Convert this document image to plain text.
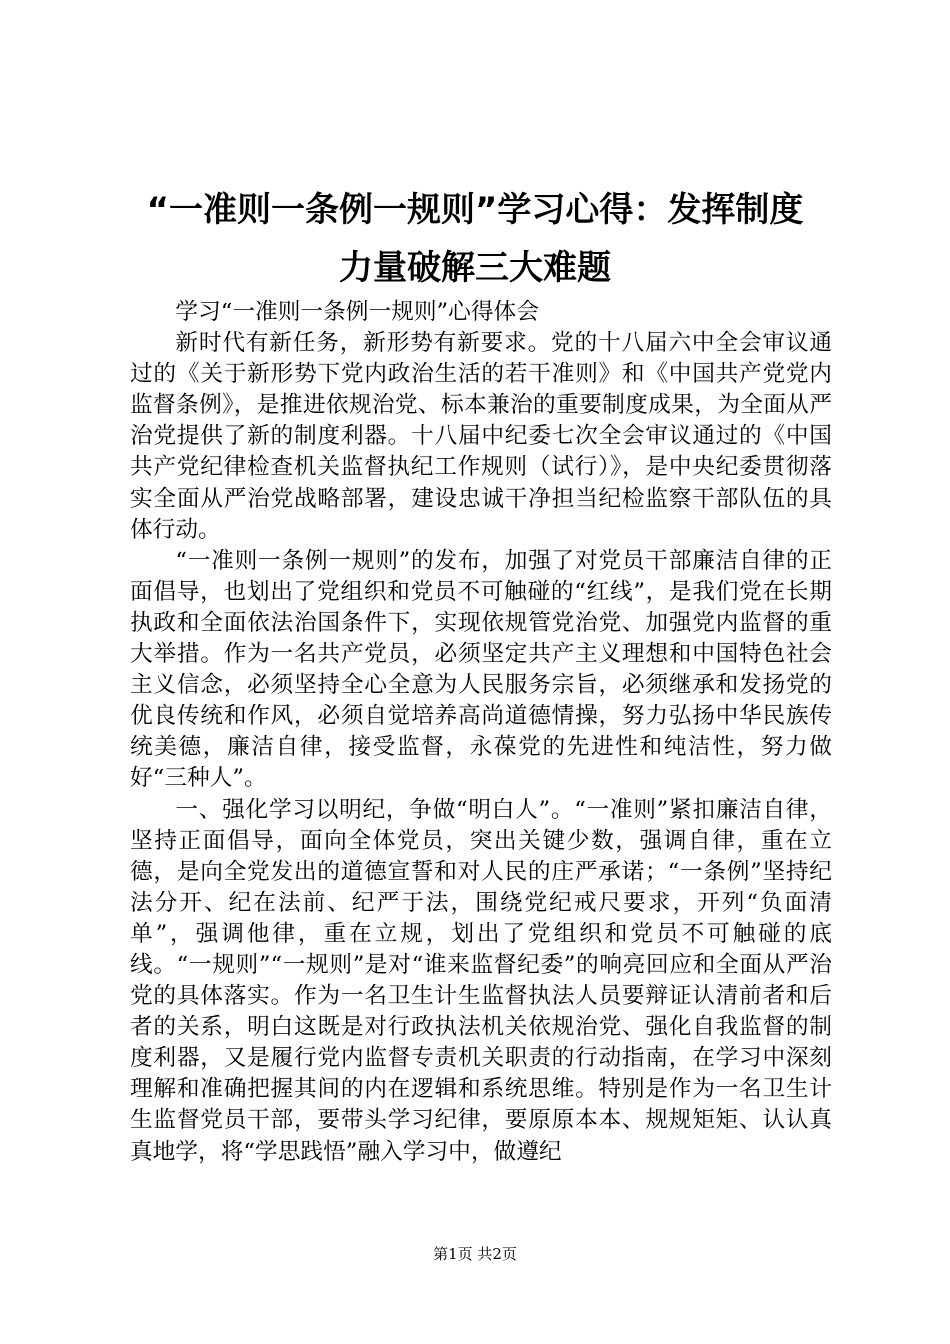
“一准则一条例一规则”学习心得：发挥制度
力量破解三大难题

学习“一准则一条例一规则”心得体会

新时代有新任务，新形势有新要求。党的十八届六中全会审议通过的《关于新形势下党内政治生活的若干准则》和《中国共产党党内监督条例》，是推进依规治党、标本兼治的重要制度成果，为全面从严治党提供了新的制度利器。十八届中纪委七次全会审议通过的《中国共产党纪律检查机关监督执纪工作规则（试行）》，是中央纪委贯彻落实全面从严治党战略部署，建设忠诚干净担当纪检监察干部队伍的具体行动。

“一准则一条例一规则”的发布，加强了对党员干部廉洁自律的正面倡导，也划出了党组织和党员不可触碰的“红线”，是我们党在长期执政和全面依法治国条件下，实现依规管党治党、加强党内监督的重大举措。作为一名共产党员，必须坚定共产主义理想和中国特色社会主义信念，必须坚持全心全意为人民服务宗旨，必须继承和发扬党的优良传统和作风，必须自觉培养高尚道德情操，努力弘扬中华民族传统美德，廉洁自律，接受监督，永葆党的先进性和纯洁性，努力做好“三种人”。

一、强化学习以明纪，争做“明白人”。“一准则”紧扣廉洁自律，坚持正面倡导，面向全体党员，突出关键少数，强调自律，重在立德，是向全党发出的道德宣誓和对人民的庄严承诺；“一条例”坚持纪法分开、纪在法前、纪严于法，围绕党纪戒尺要求，开列“负面清单”，强调他律，重在立规，划出了党组织和党员不可触碰的底线。“一规则”“一规则”是对“谁来监督纪委”的响亮回应和全面从严治党的具体落实。作为一名卫生计生监督执法人员要辩证认清前者和后者的关系，明白这既是对行政执法机关依规治党、强化自我监督的制度利器，又是履行党内监督专责机关职责的行动指南，在学习中深刻理解和准确把握其间的内在逻辑和系统思维。特别是作为一名卫生计生监督党员干部，要带头学习纪律，要原原本本、规规矩矩、认认真真地学，将“学思践悟”融入学习中，做遵纪

第1页 共2页
